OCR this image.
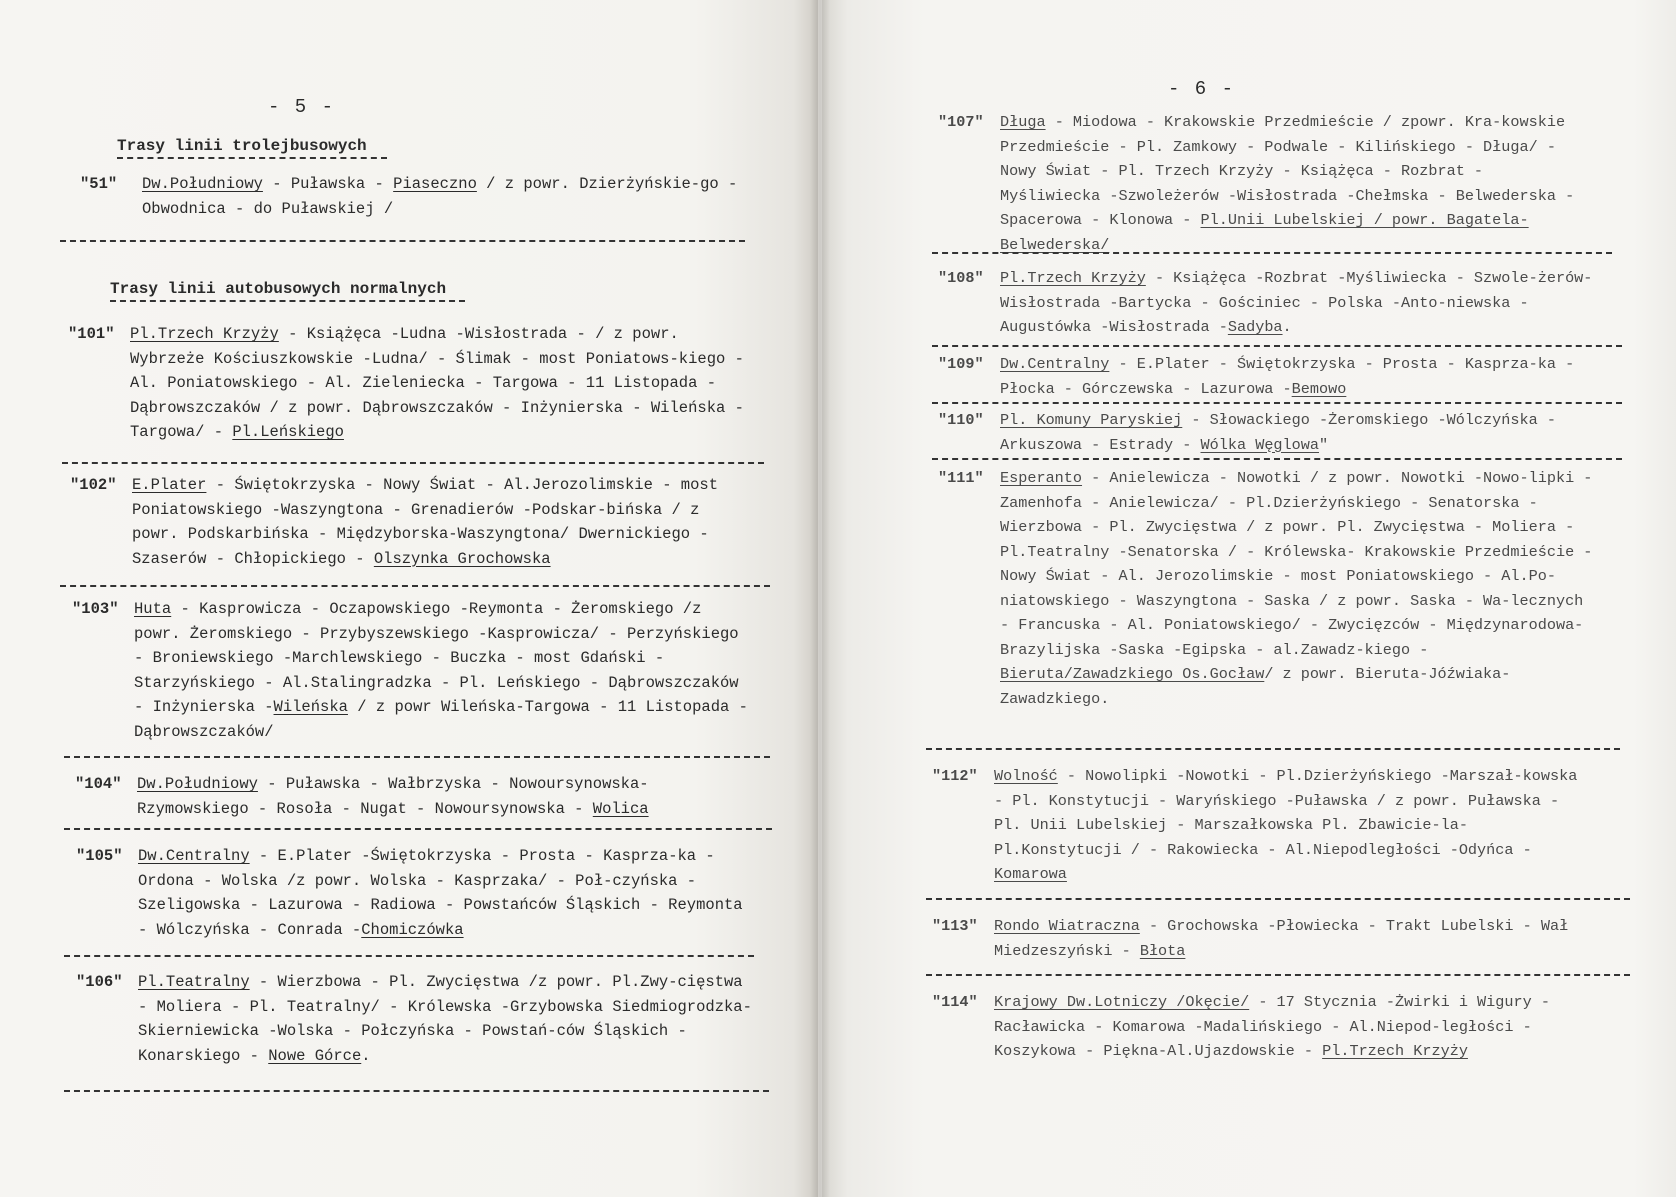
- 5 -
Trasy linii trolejbusowych
"51" Dw.Południowy - Puławska - Piaseczno / z powr. Dzierżyńskie-go - Obwodnica - do Puławskiej /
Trasy linii autobusowych normalnych
"101" Pl.Trzech Krzyży - Książęca -Ludna -Wisłostrada - / z powr. Wybrzeże Kościuszkowskie -Ludna/ - Ślimak - most Poniatows-kiego - Al. Poniatowskiego - Al. Zieleniecka - Targowa - 11 Listopada - Dąbrowszczaków / z powr. Dąbrowszczaków - Inżynierska - Wileńska - Targowa/ - Pl.Leńskiego
"102" E.Plater - Świętokrzyska - Nowy Świat - Al.Jerozolimskie - most Poniatowskiego -Waszyngtona - Grenadierów -Podskar-bińska / z powr. Podskarbińska - Międzyborska-Waszyngtona/ Dwernickiego - Szaserów - Chłopickiego - Olszynka Grochowska
"103" Huta - Kasprowicza - Oczapowskiego -Reymonta - Żeromskiego /z powr. Żeromskiego - Przybyszewskiego -Kasprowicza/ - Perzyńskiego - Broniewskiego -Marchlewskiego - Buczka - most Gdański - Starzyńskiego - Al.Stalingradzka - Pl. Leńskiego - Dąbrowszczaków - Inżynierska -Wileńska / z powr Wileńska-Targowa - 11 Listopada -Dąbrowszczaków/
"104" Dw.Południowy - Puławska - Wałbrzyska - Nowoursynowska-Rzymowskiego - Rosoła - Nugat - Nowoursynowska - Wolica
"105" Dw.Centralny - E.Plater -Świętokrzyska - Prosta - Kasprza-ka - Ordona - Wolska /z powr. Wolska - Kasprzaka/ - Poł-czyńska - Szeligowska - Lazurowa - Radiowa - Powstańców Śląskich - Reymonta - Wólczyńska - Conrada -Chomiczówka
"106" Pl.Teatralny - Wierzbowa - Pl. Zwycięstwa /z powr. Pl.Zwy-cięstwa - Moliera - Pl. Teatralny/ - Królewska -Grzybowska Siedmiogrodzka-Skierniewicka -Wolska - Połczyńska - Powstań-ców Śląskich -Konarskiego - Nowe Górce.
- 6 -
"107" Długa - Miodowa - Krakowskie Przedmieście / zpowr. Kra-kowskie Przedmieście - Pl. Zamkowy - Podwale - Kilińskiego - Długa/ - Nowy Świat - Pl. Trzech Krzyży - Książęca - Rozbrat - Myśliwiecka -Szwoleżerów -Wisłostrada -Chełmska - Belwederska - Spacerowa - Klonowa - Pl.Unii Lubelskiej / powr. Bagatela-Belwederska/
"108" Pl.Trzech Krzyży - Książęca -Rozbrat -Myśliwiecka - Szwole-żerów- Wisłostrada -Bartycka - Gościniec - Polska -Anto-niewska - Augustówka -Wisłostrada -Sadyba.
"109" Dw.Centralny - E.Plater - Świętokrzyska - Prosta - Kasprza-ka - Płocka - Górczewska - Lazurowa -Bemowo
"110" Pl. Komuny Paryskiej - Słowackiego -Żeromskiego -Wólczyńska - Arkuszowa - Estrady - Wólka Węglowa"
"111" Esperanto - Anielewicza - Nowotki / z powr. Nowotki -Nowo-lipki - Zamenhofa - Anielewicza/ - Pl.Dzierżyńskiego - Senatorska - Wierzbowa - Pl. Zwycięstwa / z powr. Pl. Zwycięstwa - Moliera - Pl.Teatralny -Senatorska / - Królewska- Krakowskie Przedmieście - Nowy Świat - Al. Jerozolimskie - most Poniatowskiego - Al.Po-niatowskiego - Waszyngtona - Saska / z powr. Saska - Wa-lecznych - Francuska - Al. Poniatowskiego/ - Zwycięzców - Międzynarodowa- Brazylijska -Saska -Egipska - al.Zawadz-kiego -Bieruta/Zawadzkiego Os.Gocław/ z powr. Bieruta-Jóźwiaka-Zawadzkiego.
"112" Wolność - Nowolipki -Nowotki - Pl.Dzierżyńskiego -Marszał-kowska - Pl. Konstytucji - Waryńskiego -Puławska / z powr. Puławska - Pl. Unii Lubelskiej - Marszałkowska Pl. Zbawicie-la-Pl.Konstytucji / - Rakowiecka - Al.Niepodległości -Odyńca - Komarowa
"113" Rondo Wiatraczna - Grochowska -Płowiecka - Trakt Lubelski - Wał Miedzeszyński - Błota
"114" Krajowy Dw.Lotniczy /Okęcie/ - 17 Stycznia -Żwirki i Wigury - Racławicka - Komarowa -Madalińskiego - Al.Niepod-ległości - Koszykowa - Piękna-Al.Ujazdowskie - Pl.Trzech Krzyży
